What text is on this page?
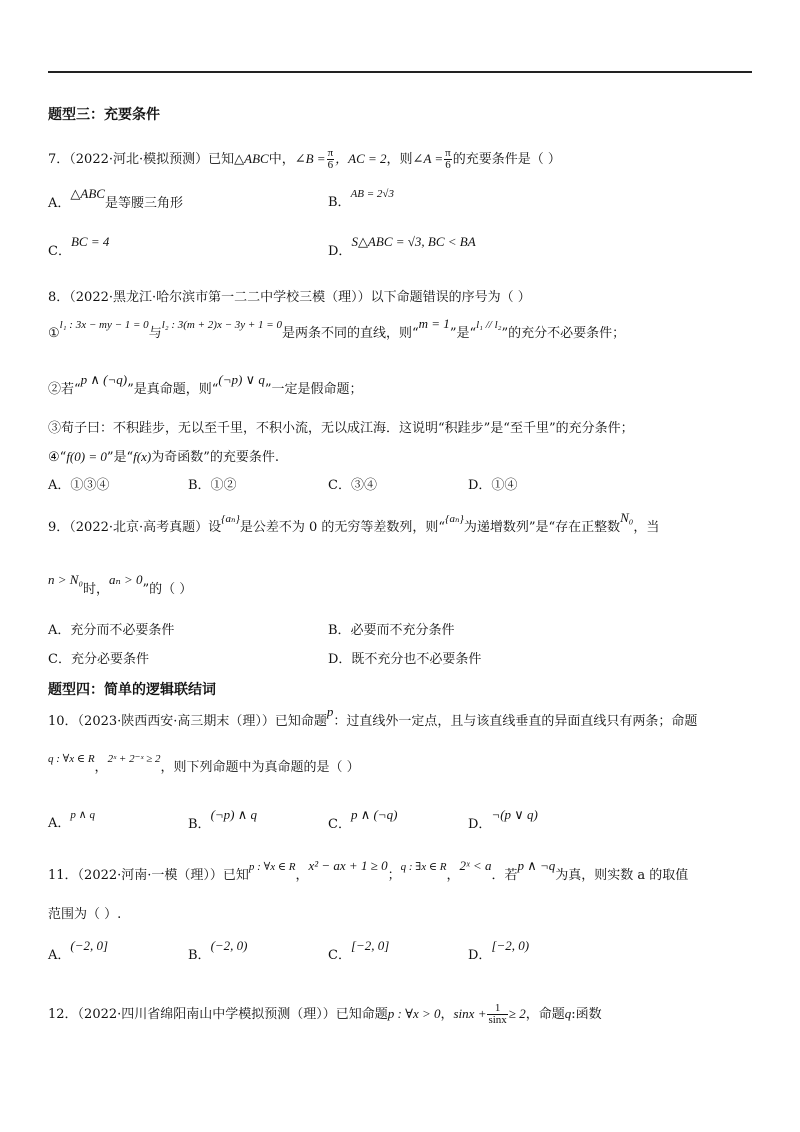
题型三：充要条件
7．（2022·河北·模拟预测）已知△ABC中，∠B = $\frac{\pi}{6}$ ，AC = 2，则∠A = $\frac{\pi}{6}$ 的充要条件是（ ）
A．△ABC是等腰三角形	B．$^{AB = 2√3}$
C．BC = 4
D．S△ABC = √3, BC < BA
8．（2022·黑龙江·哈尔滨市第一二二中学校三模（理））以下命题错误的序号为（ ）
①$^{l_1 : 3x - my - 1 = 0}$与$^{l_2 : 3(m + 2)x - 3y + 1 = 0}$是两条不同的直线，则“m = 1”是“$^{l_1 // l_2}$”的充分不必要条件；
②若“p ∧ (¬q)”是真命题，则“(¬p) ∨ q”一定是假命题；
③荀子曰：不积跬步，无以至千里，不积小流，无以成江海．这说明“积跬步”是“至千里”的充分条件；
④“f(0) = 0”是“f(x)为奇函数”的充要条件.
A．①③④	B．①②	C．③④	D．①④
9．（2022·北京·高考真题）设$^{\{a_n\}}$是公差不为 0 的无穷等差数列，则“$^{\{a_n\}}$为递增数列”是“存在正整数N₀，当
n > N₀时，aₙ > 0”的（ ）
A．充分而不必要条件	B．必要而不充分条件
C．充分必要条件	D．既不充分也不必要条件
题型四：简单的逻辑联结词
10．（2023·陕西西安·高三期末（理））已知命题p：过直线外一定点，且与该直线垂直的异面直线只有两条；命题
$^{q : \forall x \in R}$，$^{2ˣ + 2^-ˣ \ge 2}$，则下列命题中为真命题的是（ ）
A．$^{p \wedge q}$
B．(¬p) ∧ q
C．p ∧ (¬q)
D．¬(p ∨ q)
11．（2022·河南·一模（理））已知$^{p : \forall x \in R}$，x² − ax + 1 ≥ 0；$^{q : \exists x \in R}$，2ˣ < a．若p ∧ ¬q为真，则实数 a 的取值
范围为（ ）.
A．(−2, 0]
B．(−2, 0)
C．[−2, 0]
D．[−2, 0)
12．（2022·四川省绵阳南山中学模拟预测（理））已知命题p : ∀x > 0，$\sin x + \frac{1}{\sin x} \ge 2$，命题q:函数
